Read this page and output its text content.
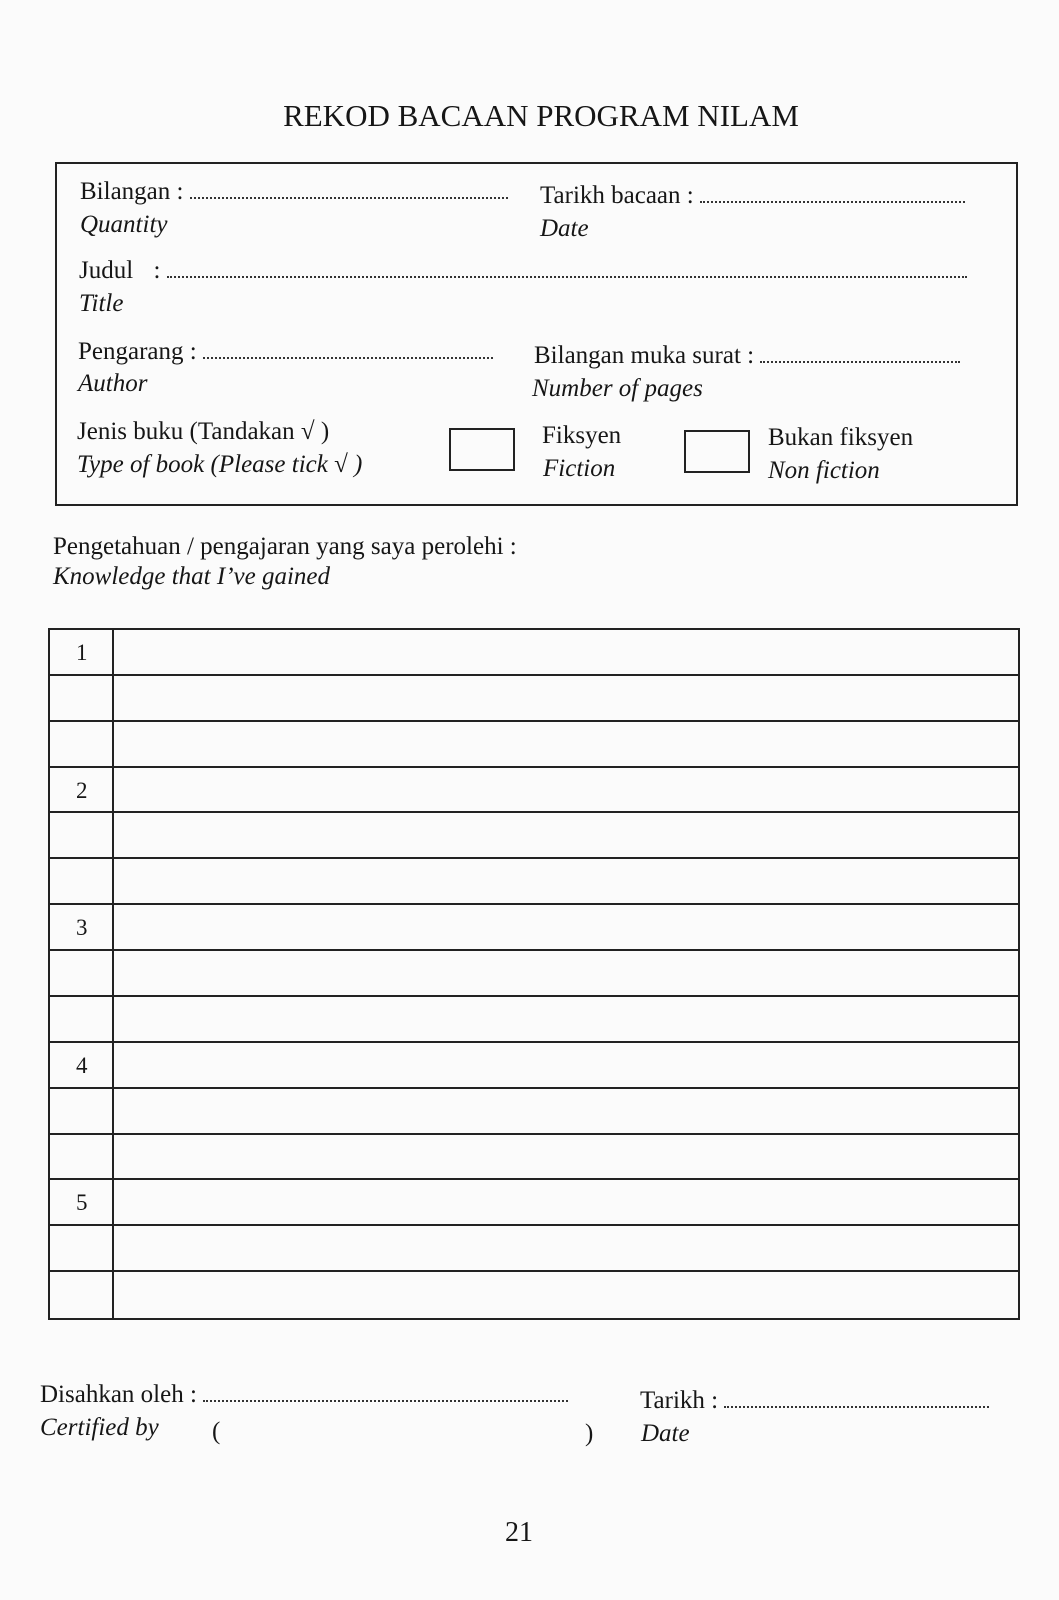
REKOD BACAAN PROGRAM NILAM
Bilangan :
Quantity
Tarikh bacaan :
Date
Judul :
Title
Pengarang :
Author
Bilangan muka surat :
Number of pages
Jenis buku (Tandakan √ )
Type of book (Please tick √ )
Fiksyen
Fiction
Bukan fiksyen
Non fiction
Pengetahuan / pengajaran yang saya perolehi :
Knowledge that I’ve gained
1
2
3
4
5
Disahkan oleh :
Certified by (	)
Tarikh :
Date
21
